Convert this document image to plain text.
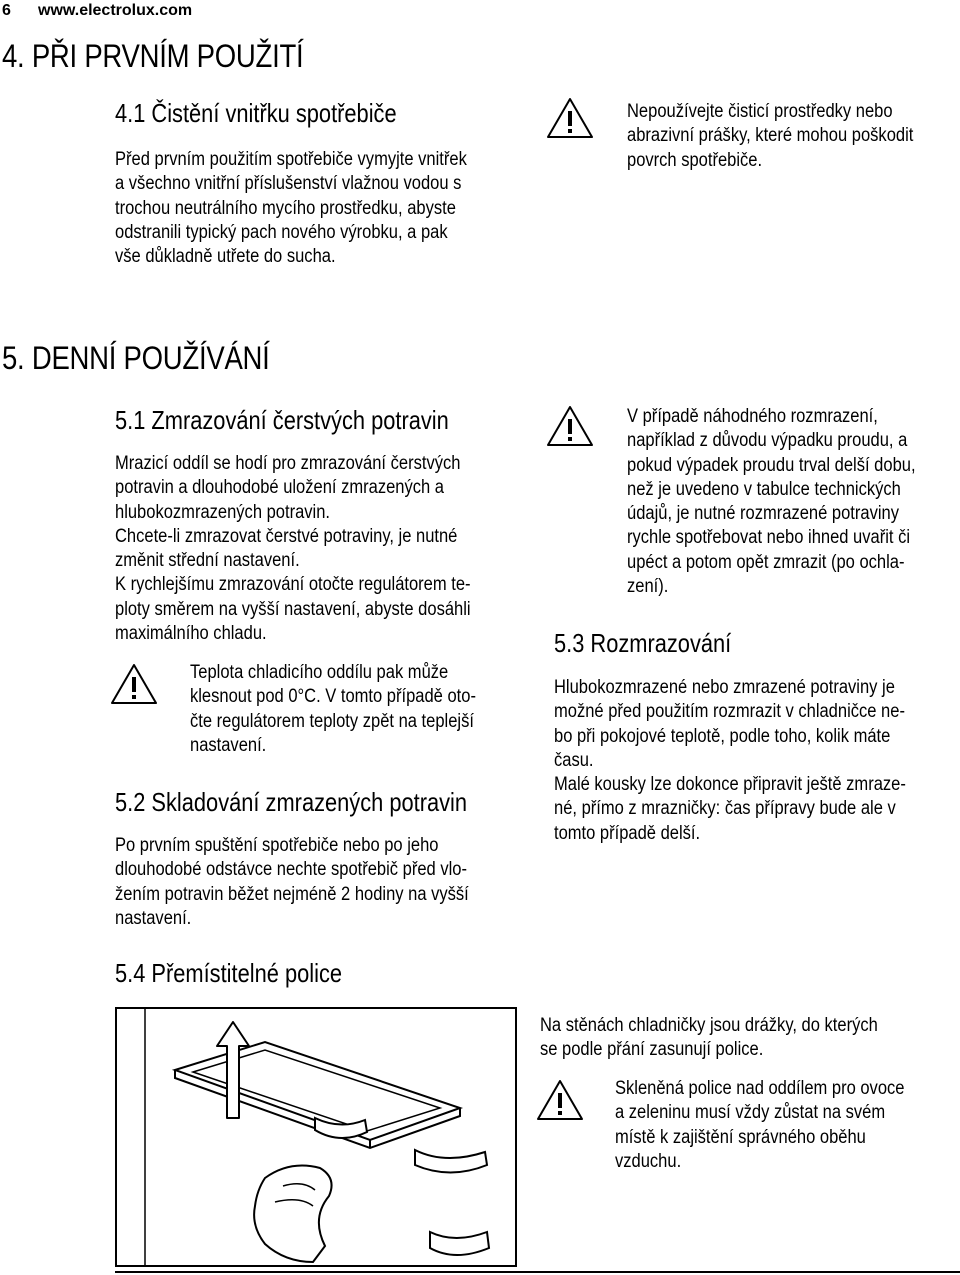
6 www.electrolux.com
4. PŘI PRVNÍM POUŽITÍ
4.1 Čistění vnitřku spotřebiče
Před prvním použitím spotřebiče vymyjte vnitřek
a všechno vnitřní příslušenství vlažnou vodou s
trochou neutrálního mycího prostředku, abyste
odstranili typický pach nového výrobku, a pak
vše důkladně utřete do sucha.
Nepoužívejte čisticí prostředky nebo
abrazivní prášky, které mohou poškodit
povrch spotřebiče.
5. DENNÍ POUŽÍVÁNÍ
5.1 Zmrazování čerstvých potravin
Mrazicí oddíl se hodí pro zmrazování čerstvých
potravin a dlouhodobé uložení zmrazených a
hlubokozmrazených potravin.
Chcete-li zmrazovat čerstvé potraviny, je nutné
změnit střední nastavení.
K rychlejšímu zmrazování otočte regulátorem te-
ploty směrem na vyšší nastavení, abyste dosáhli
maximálního chladu.
Teplota chladicího oddílu pak může
klesnout pod 0°C. V tomto případě oto-
čte regulátorem teploty zpět na teplejší
nastavení.
V případě náhodného rozmrazení,
například z důvodu výpadku proudu, a
pokud výpadek proudu trval delší dobu,
než je uvedeno v tabulce technických
údajů, je nutné rozmrazené potraviny
rychle spotřebovat nebo ihned uvařit či
upéct a potom opět zmrazit (po ochla-
zení).
5.2 Skladování zmrazených potravin
Po prvním spuštění spotřebiče nebo po jeho
dlouhodobé odstávce nechte spotřebič před vlo-
žením potravin běžet nejméně 2 hodiny na vyšší
nastavení.
5.3 Rozmrazování
Hlubokozmrazené nebo zmrazené potraviny je
možné před použitím rozmrazit v chladničce ne-
bo při pokojové teplotě, podle toho, kolik máte
času.
Malé kousky lze dokonce připravit ještě zmraze-
né, přímo z mrazničky: čas přípravy bude ale v
tomto případě delší.
5.4 Přemístitelné police
Na stěnách chladničky jsou drážky, do kterých
se podle přání zasunují police.
Skleněná police nad oddílem pro ovoce
a zeleninu musí vždy zůstat na svém
místě k zajištění správného oběhu
vzduchu.
